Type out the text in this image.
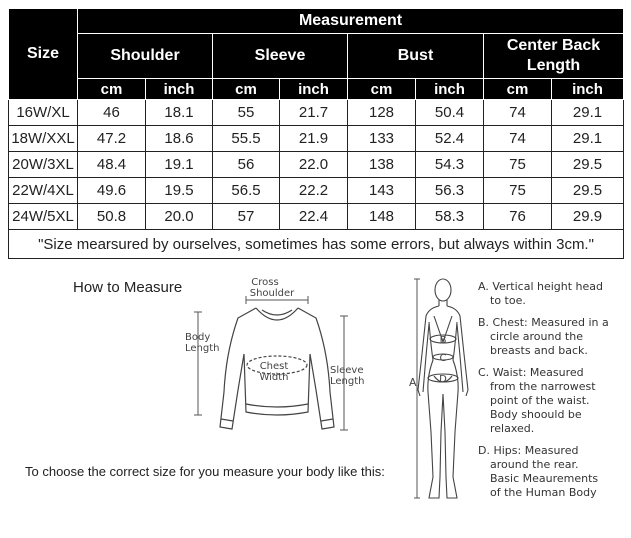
Size	Measurement							
	Shoulder		Sleeve		Bust		Center Back
Length	
	cm	inch	cm	inch	cm	inch	cm	inch
16W/XL	46	18.1	55	21.7	128	50.4	74	29.1
18W/XXL	47.2	18.6	55.5	21.9	133	52.4	74	29.1
20W/3XL	48.4	19.1	56	22.0	138	54.3	75	29.5
22W/4XL	49.6	19.5	56.5	22.2	143	56.3	75	29.5
24W/5XL	50.8	20.0	57	22.4	148	58.3	76	29.9
"Size mearsured by ourselves, sometimes has some errors, but always within 3cm."								
How to Measure	Cross
Shoulder
Body
Length
Chest
Width
Sleeve
Length
To choose the correct size for you measure your body like this:
A
B
C
D
A. Vertical height head
to toe.
B. Chest: Measured in a
circle around the
breasts and back.
C. Waist: Measured
from the narrowest
point of the waist.
Body shoould be
relaxed.
D. Hips: Measured
around the rear.
Basic Meaurements
of the Human Body
